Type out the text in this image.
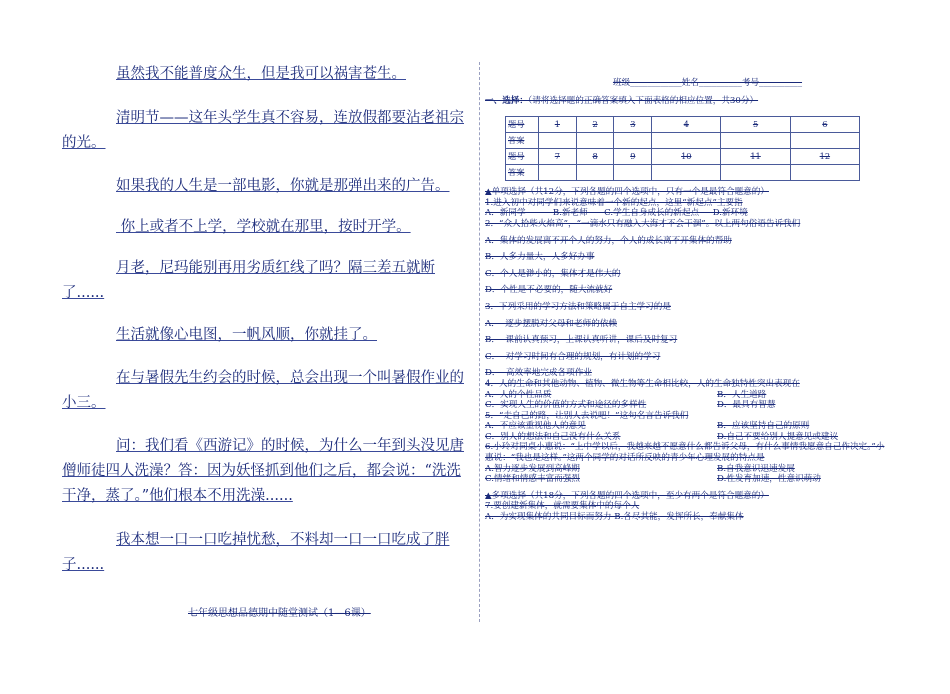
虽然我不能普度众生，但是我可以祸害苍生。

清明节——这年头学生真不容易，连放假都要沾老祖宗的光。

如果我的人生是一部电影，你就是那弹出来的广告。

你上或者不上学，学校就在那里，按时开学。

月老，尼玛能别再用劣质红线了吗？隔三差五就断了......

生活就像心电图，一帆风顺，你就挂了。

在与暑假先生约会的时候，总会出现一个叫暑假作业的小三。

问：我们看《西游记》的时候，为什么一年到头没见唐僧师徒四人洗澡？答：因为妖怪抓到他们之后，都会说：“洗洗干净，蒸了。”他们根本不用洗澡......

我本想一口一口吃掉忧愁，不料却一口一口吃成了胖子......

七年级思想品德期中随堂测试（1—6课）
班级____________姓名__________考号__________
一、选择：（请将选择题的正确答案填入下面表格的相应位置，共30分）
题号	1	2	3	4	5	6
答案						
题号	7	8	9	10	11	12
答案						

▲单项选择（共12分，下列各题的四个选项中，只有一个是最符合题意的）

1.进入初中对同学们来说意味着一个新的起点，这里“新起点”主要指

A．新同学          B.新老师      C.学生自身成长的新起点     D.新环境

2．“众人拾柴火焰高”，“一滴水只有融入大海才不会干涸”。以上两句俗语告诉我们

A．集体的发展离不开个人的努力，个人的成长离不开集体的帮助

B．人多力量大，人多好办事

C．个人是渺小的，集体才是伟大的

D．个性是不必要的，随大流就好

3．下列采用的学习方法和策略属于自主学习的是

A．  逐步摆脱对父母和老师的依赖

B．  课前认真预习，上课认真听讲，课后及时复习

C．  对学习时间有合理的规划，有计划的学习

D．  高效率地完成各项作业

4．人的生命和其他动物、植物、微生物等生命相比较，人的生命独特性突出表现在

A．人的个性品质	B．人生道路
C．实现人生的价值的方式和途径的多样性	D．最具有智慧

5．“走自己的路，让别人去说吧！”这句名言告诉我们

A．不应该重视他人的意见	B．应该坚持自己的原则
C．别人的想法和自己没有什么关系	D.自己不要给别人提意见或建议

6.小玲对同桌小惠说：“上中学以后，我越来越不愿意什么都告诉父母，有什么事情我愿意自己作决定。”小惠说：“我也是这样。”这两个同学的对话所反映的青少年心理发展的特点是

A.智力逐步发展到高峰期	B.自我意识迅速发展
C.情绪和情感丰富而强烈	D.性发育加速，性意识萌动

▲多项选择（共18分，下列各题的四个选项中，至少有两个是符合题意的）

7.要创建新集体，就需要集体中的每个人

A．为实现集体的共同目标而努力 B.各尽其能，发挥所长，奉献集体
